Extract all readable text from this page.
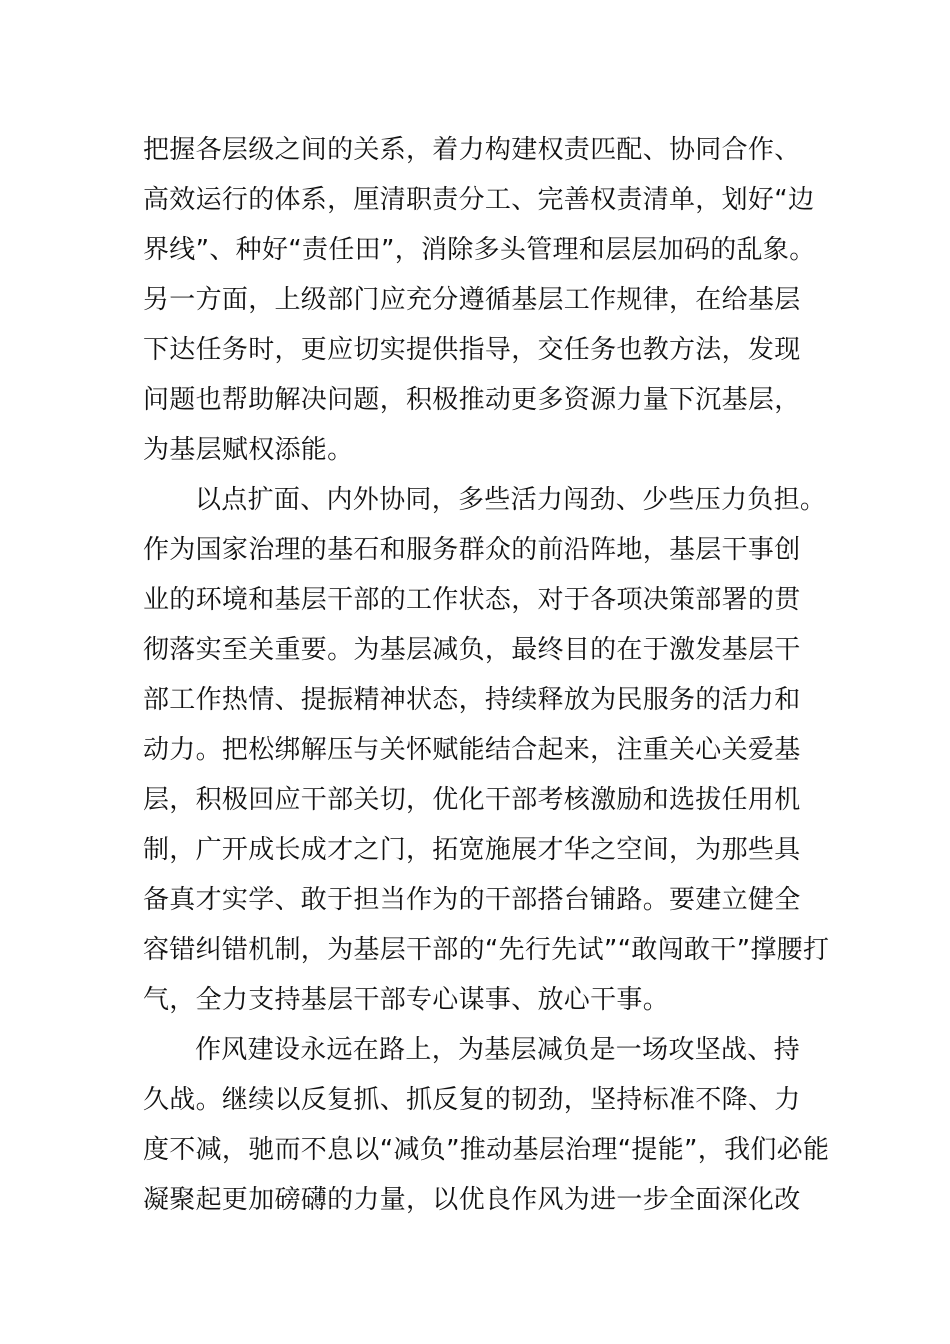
把握各层级之间的关系，着力构建权责匹配、协同合作、
高效运行的体系，厘清职责分工、完善权责清单，划好“边
界线”、种好“责任田”，消除多头管理和层层加码的乱象。
另一方面，上级部门应充分遵循基层工作规律，在给基层
下达任务时，更应切实提供指导，交任务也教方法，发现
问题也帮助解决问题，积极推动更多资源力量下沉基层，
为基层赋权添能。
以点扩面、内外协同，多些活力闯劲、少些压力负担。
作为国家治理的基石和服务群众的前沿阵地，基层干事创
业的环境和基层干部的工作状态，对于各项决策部署的贯
彻落实至关重要。为基层减负，最终目的在于激发基层干
部工作热情、提振精神状态，持续释放为民服务的活力和
动力。把松绑解压与关怀赋能结合起来，注重关心关爱基
层，积极回应干部关切，优化干部考核激励和选拔任用机
制，广开成长成才之门，拓宽施展才华之空间，为那些具
备真才实学、敢于担当作为的干部搭台铺路。要建立健全
容错纠错机制，为基层干部的“先行先试”“敢闯敢干”撑腰打
气，全力支持基层干部专心谋事、放心干事。
作风建设永远在路上，为基层减负是一场攻坚战、持
久战。继续以反复抓、抓反复的韧劲，坚持标准不降、力
度不减，驰而不息以“减负”推动基层治理“提能”，我们必能
凝聚起更加磅礴的力量，以优良作风为进一步全面深化改
